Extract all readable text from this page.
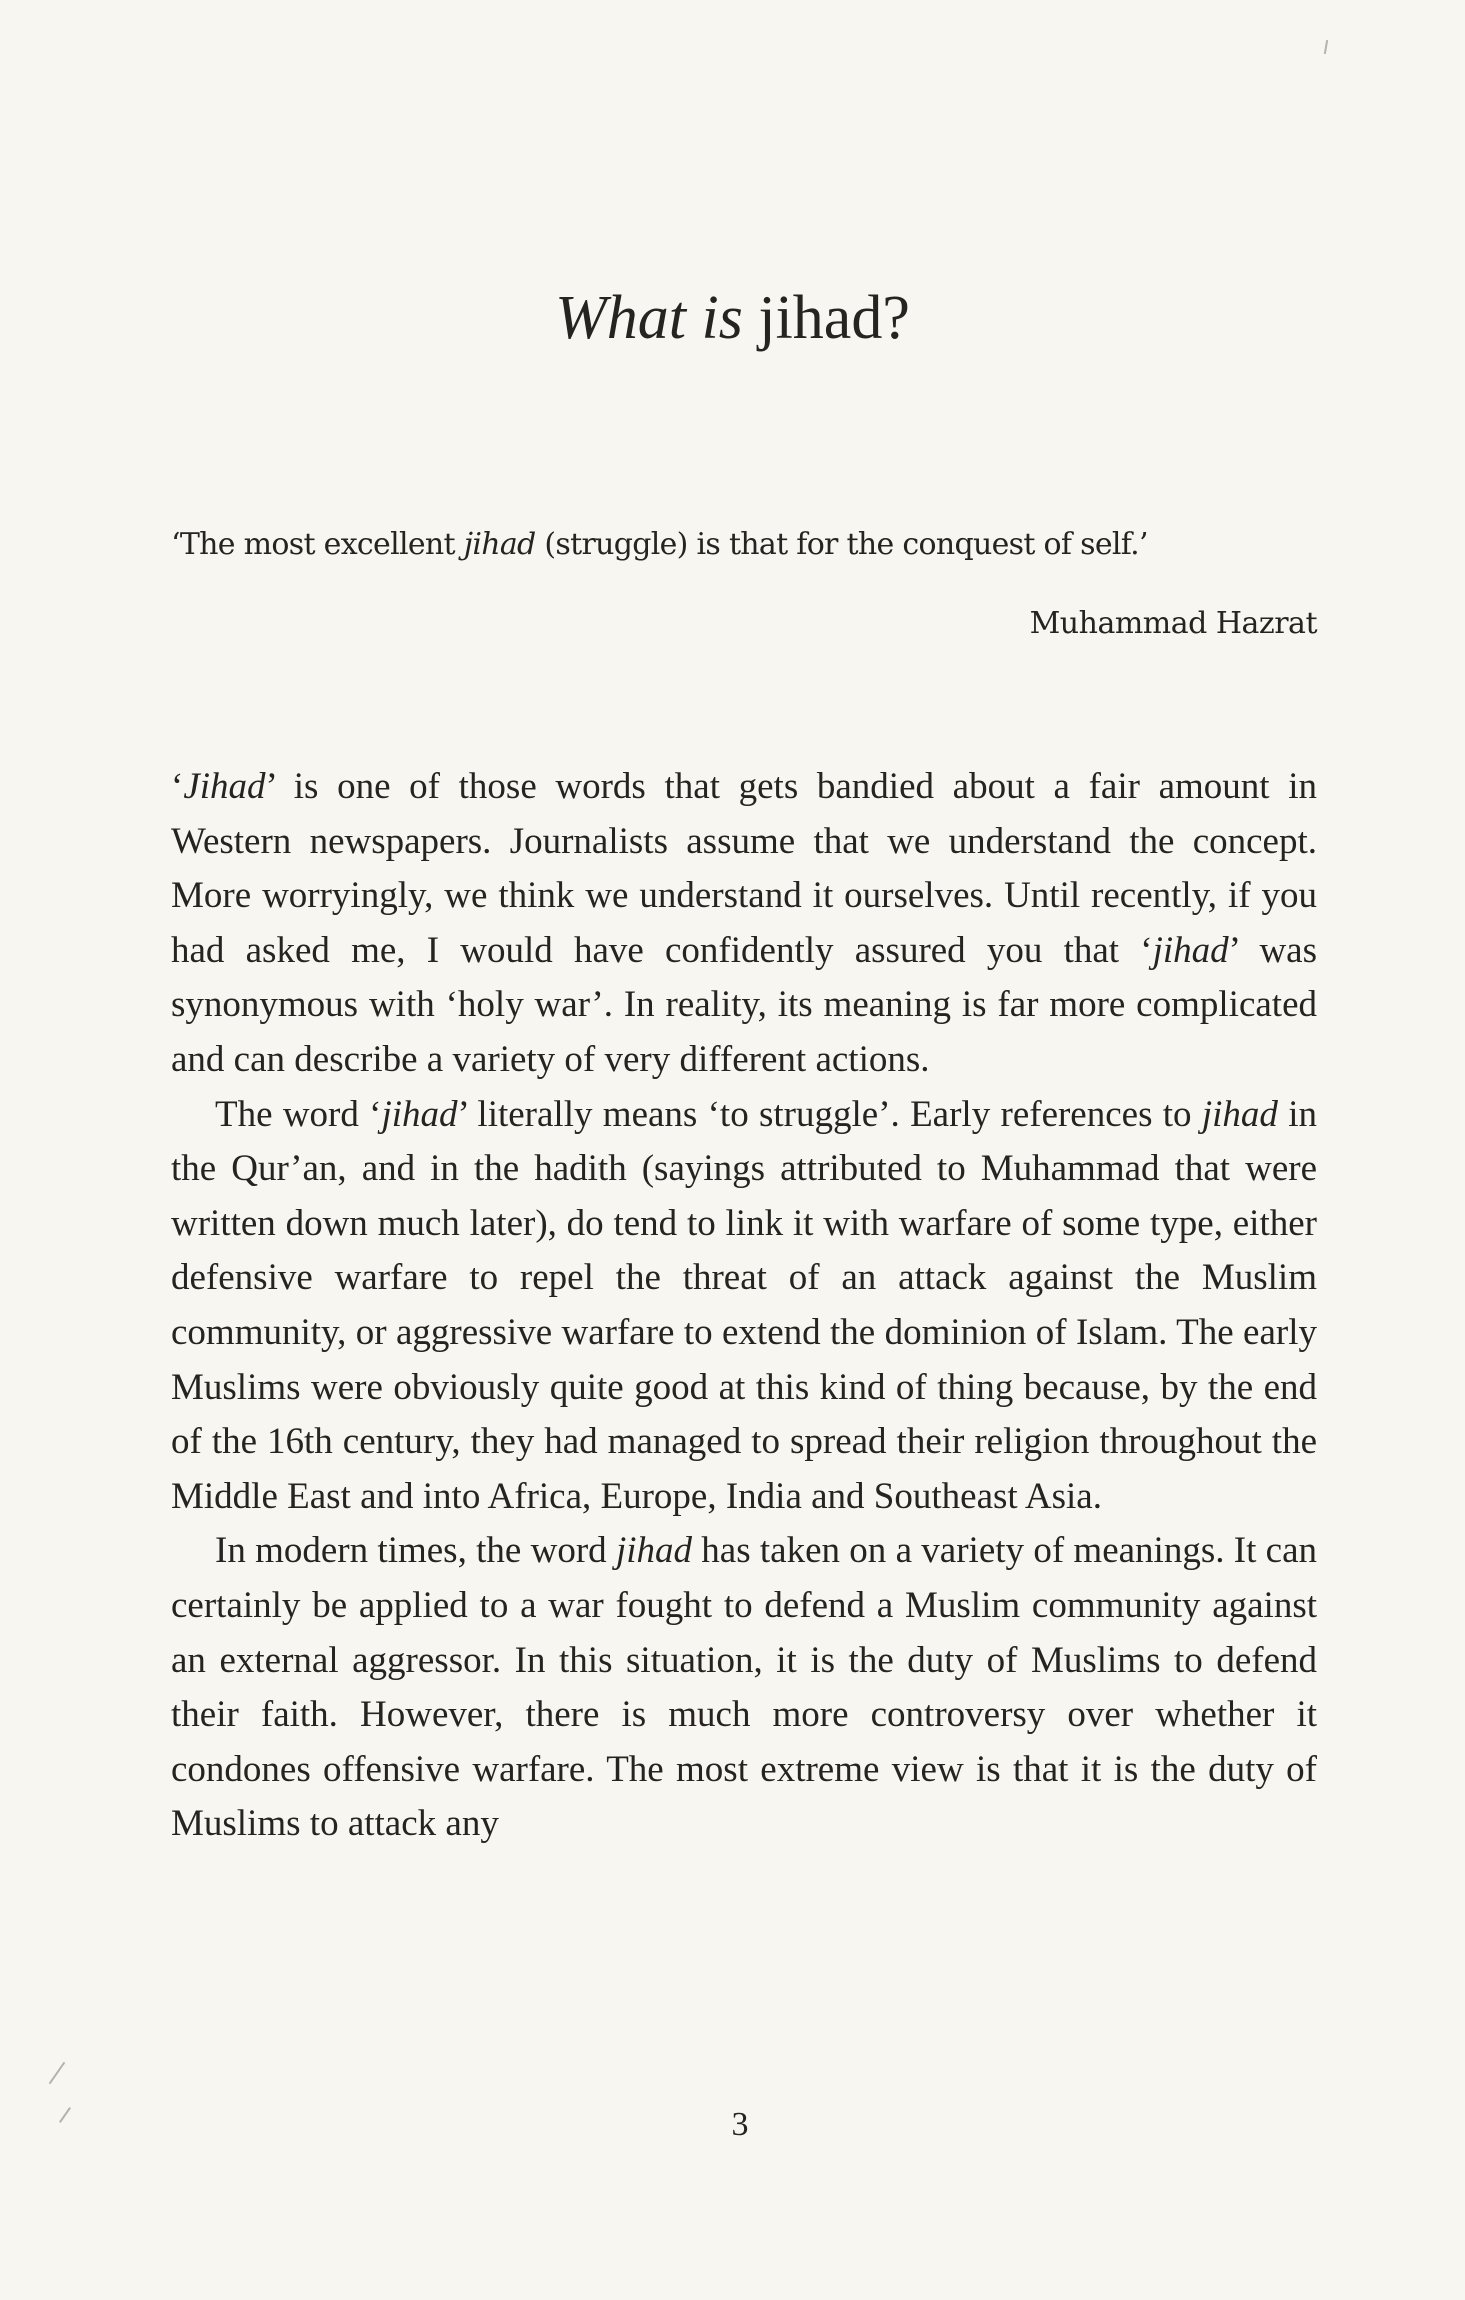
What is jihad?
‘The most excellent jihad (struggle) is that for the conquest of self.’
Muhammad Hazrat

‘Jihad’ is one of those words that gets bandied about a fair amount in Western newspapers. Journalists assume that we understand the concept. More worryingly, we think we understand it ourselves. Until recently, if you had asked me, I would have confidently assured you that ‘jihad’ was synonymous with ‘holy war’. In reality, its meaning is far more complicated and can describe a variety of very different actions.

The word ‘jihad’ literally means ‘to struggle’. Early references to jihad in the Qur’an, and in the hadith (sayings attributed to Muhammad that were written down much later), do tend to link it with warfare of some type, either defensive warfare to repel the threat of an attack against the Muslim community, or aggressive warfare to extend the dominion of Islam. The early Muslims were obviously quite good at this kind of thing because, by the end of the 16th century, they had managed to spread their religion throughout the Middle East and into Africa, Europe, India and Southeast Asia.

In modern times, the word jihad has taken on a variety of meanings. It can certainly be applied to a war fought to defend a Muslim community against an external aggressor. In this situation, it is the duty of Muslims to defend their faith. However, there is much more controversy over whether it condones offensive warfare. The most extreme view is that it is the duty of Muslims to attack any

3
